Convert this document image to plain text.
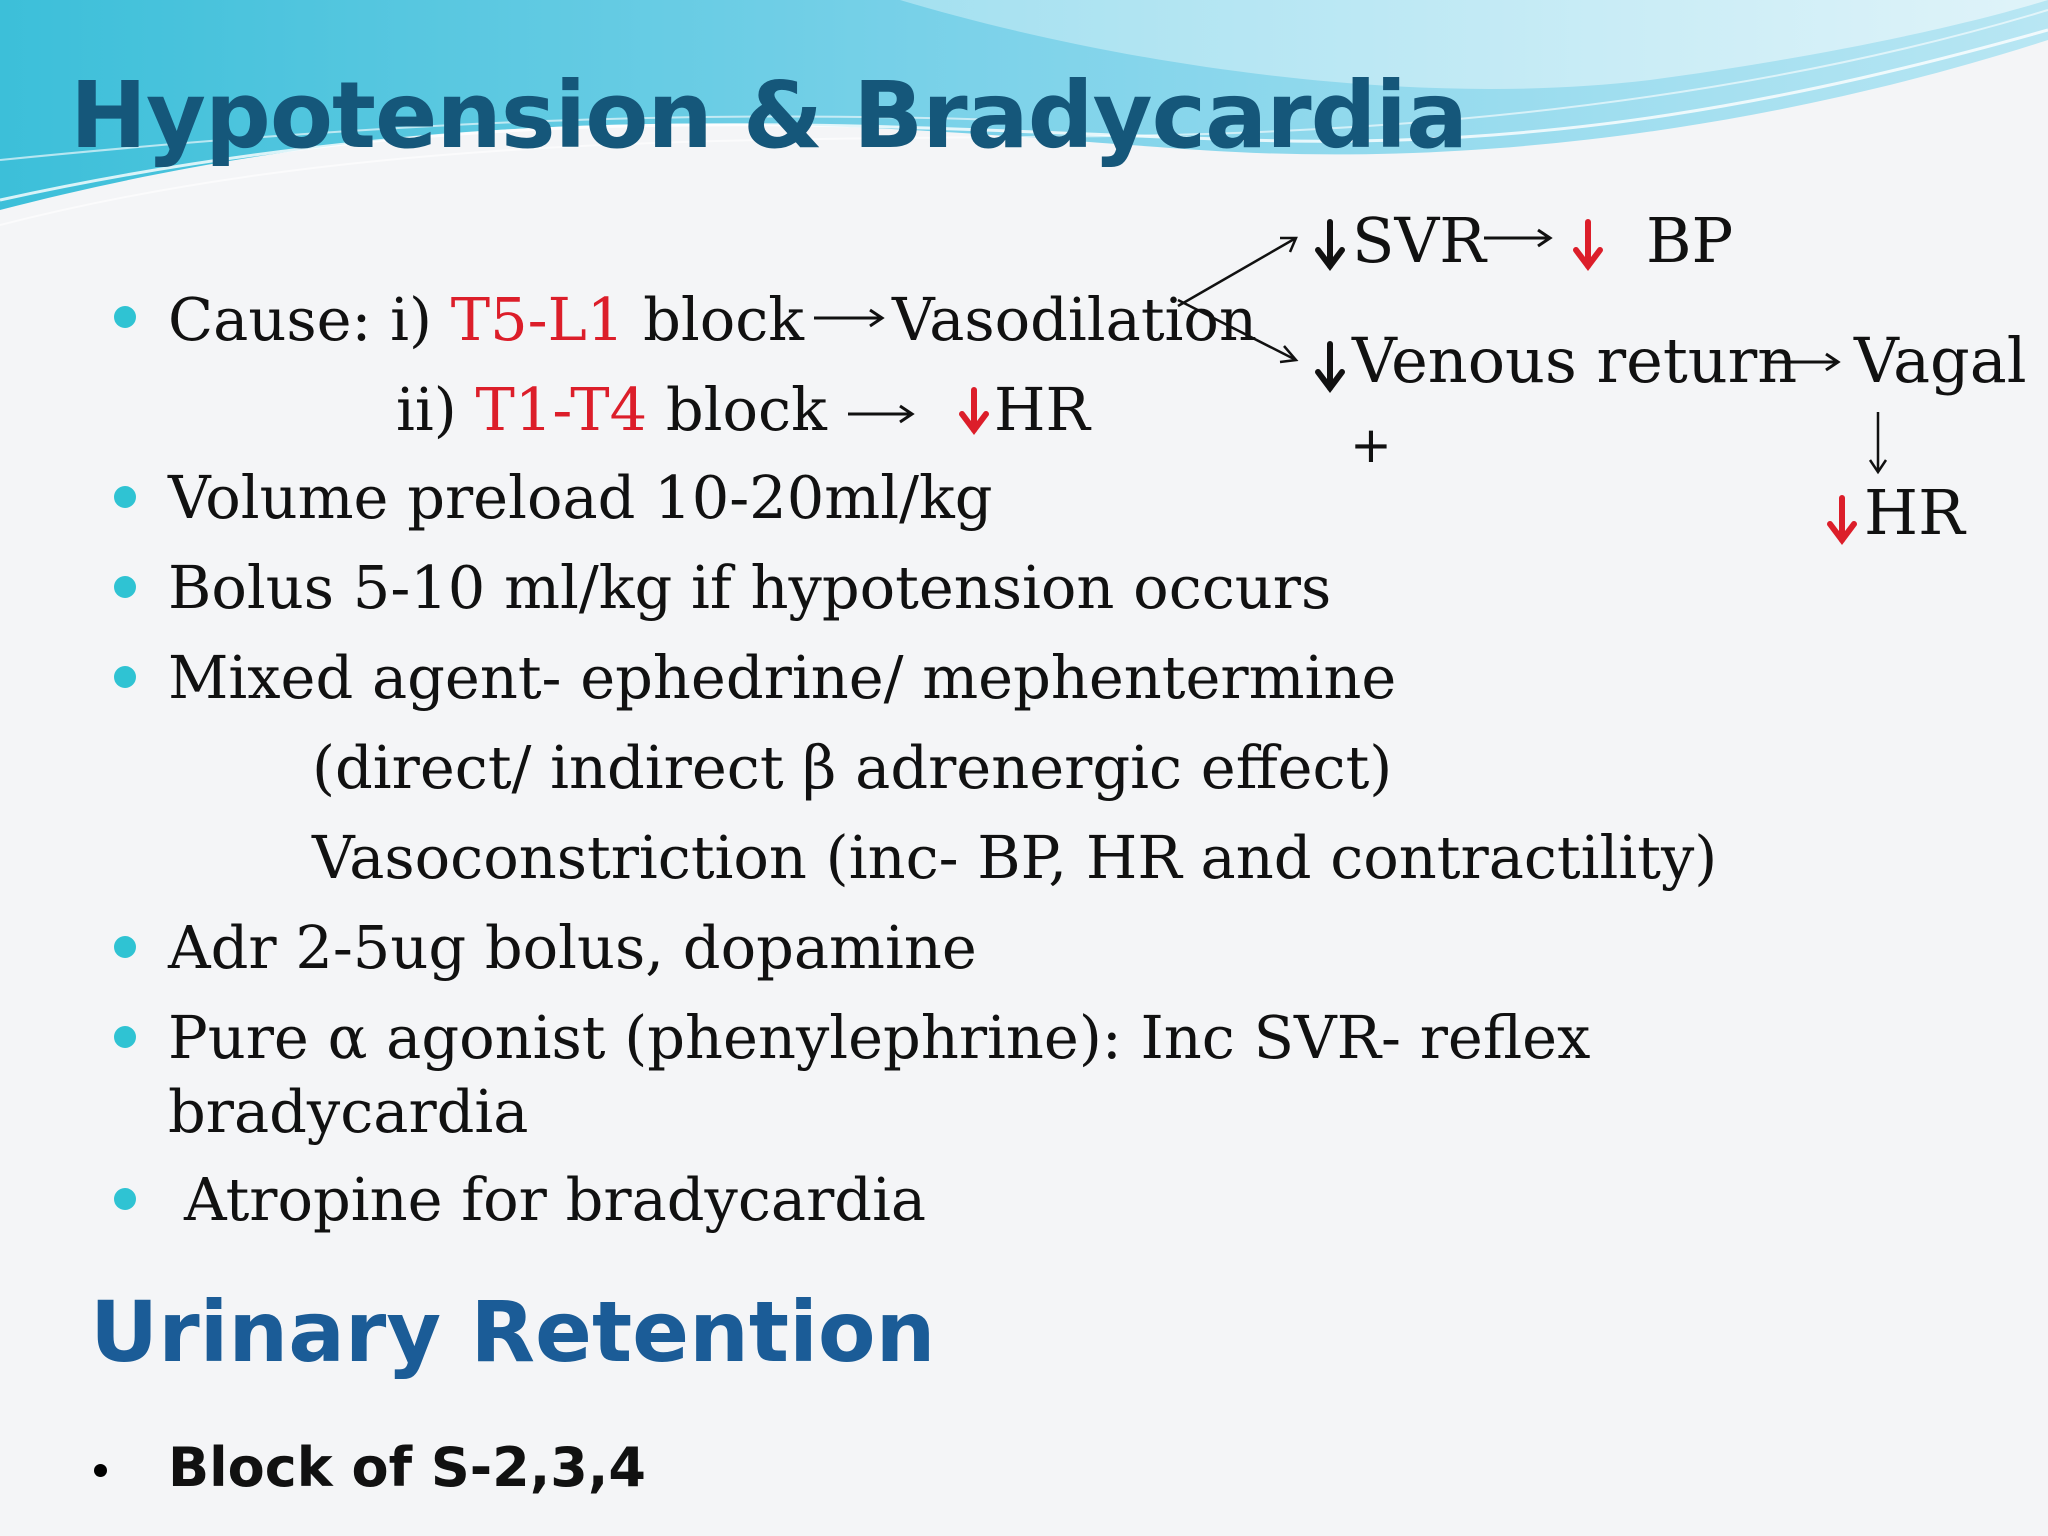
Hypotension & Bradycardia
Cause: i) T5-L1 block Vasodilation
ii) T1-T4 block	HR
SVR	BP
Venous return Vagal
+
HR
Volume preload 10-20ml/kg
Bolus 5-10 ml/kg if hypotension occurs
Mixed agent- ephedrine/ mephentermine
(direct/ indirect β adrenergic effect)
Vasoconstriction (inc- BP, HR and contractility)
Adr 2-5ug bolus, dopamine
Pure α agonist (phenylephrine): Inc SVR- reflex
bradycardia
Atropine for bradycardia
Urinary Retention
Block of S-2,3,4
